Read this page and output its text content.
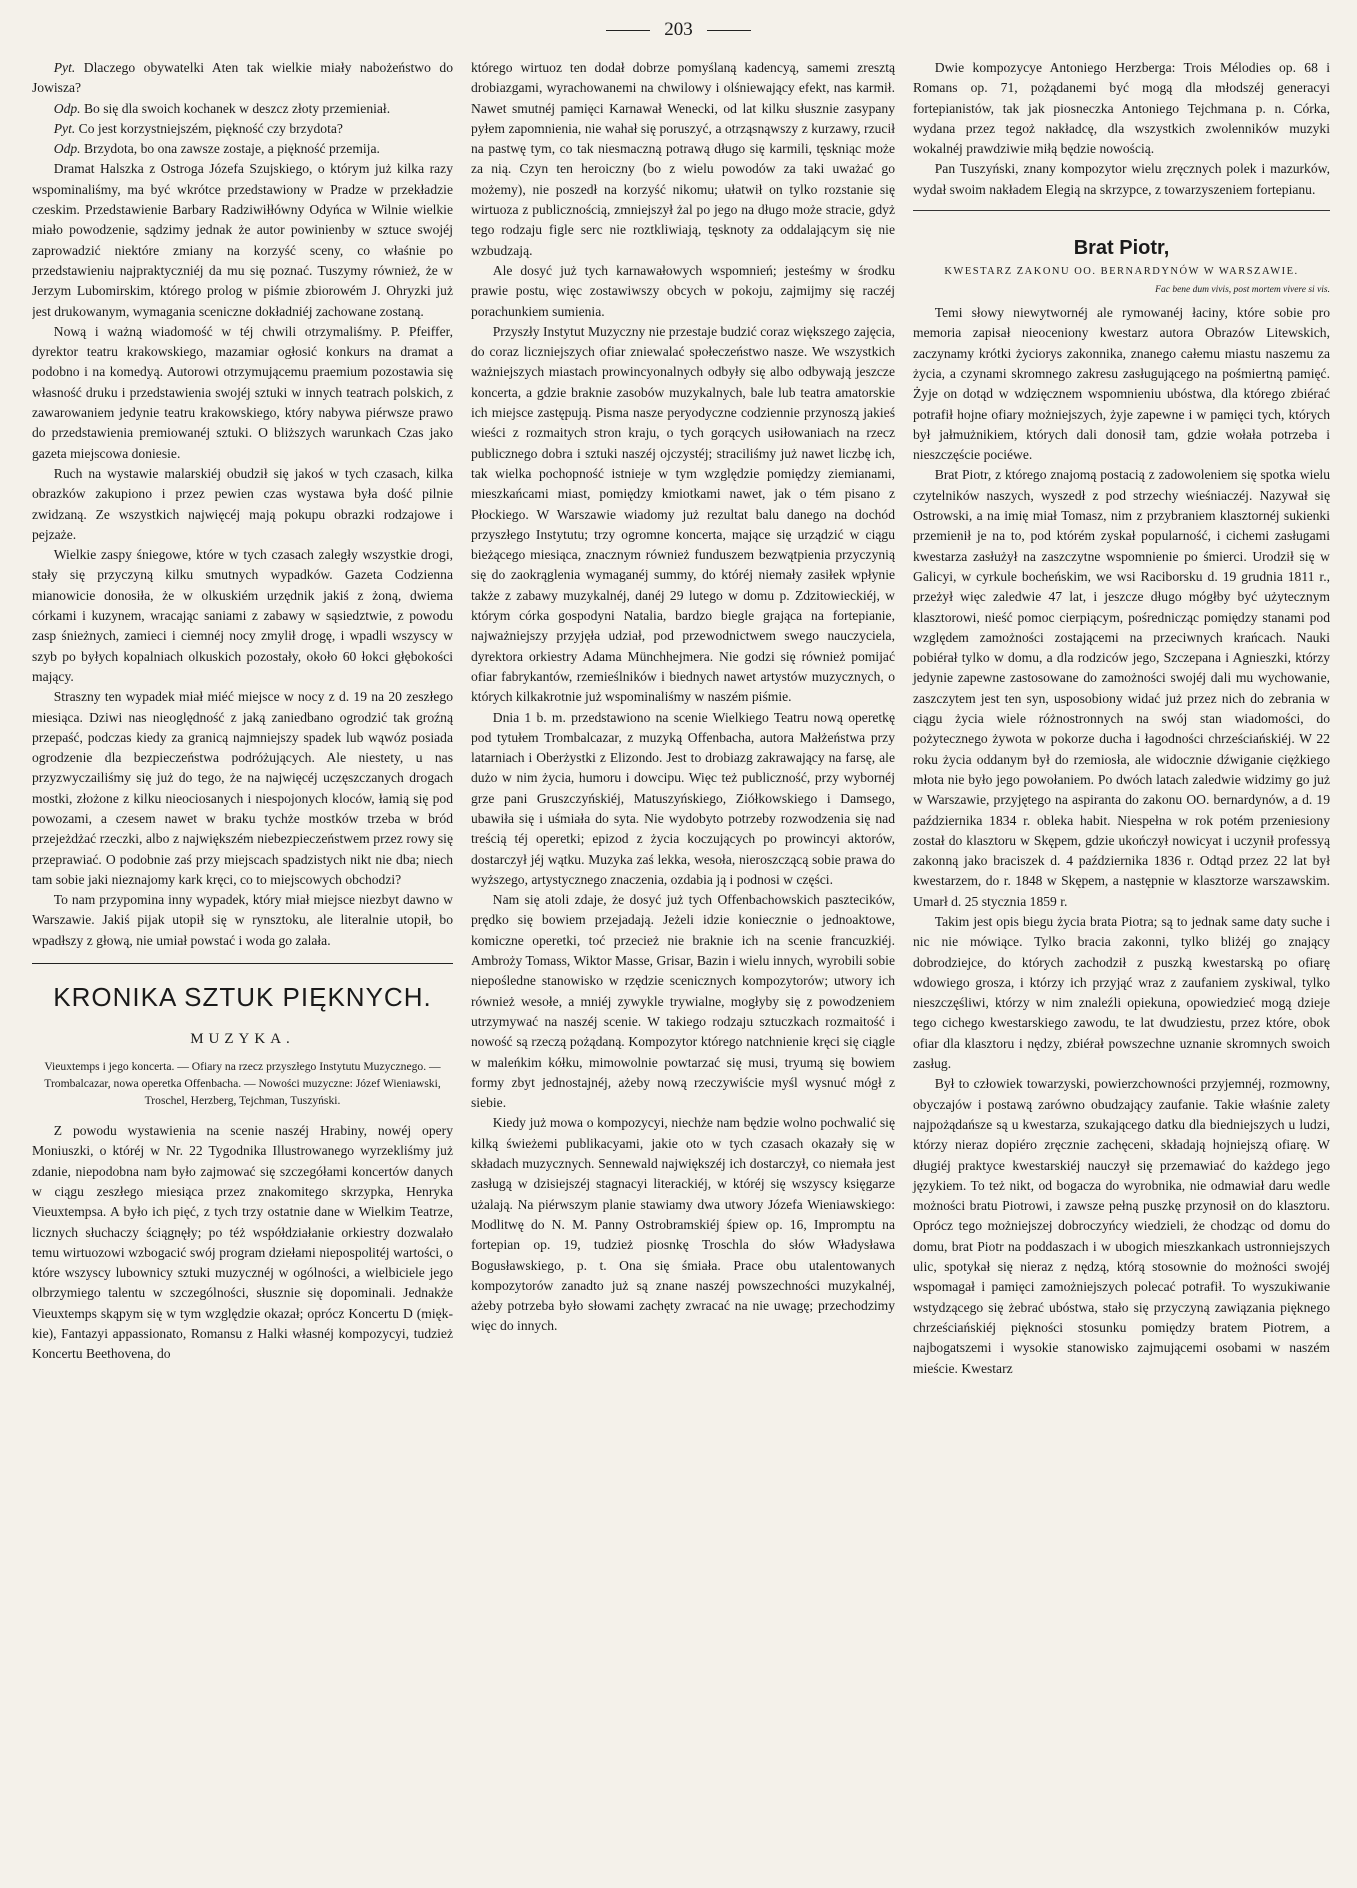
203

Pyt. Dlaczego obywatelki Aten tak wielkie miały nabożeństwo do Jowisza?

Odp. Bo się dla swoich kochanek w deszcz złoty przemieniał.

Pyt. Co jest korzystniejszém, piękność czy brzydota?

Odp. Brzydota, bo ona zawsze zostaje, a piękność przemija.

Dramat Halszka z Ostroga Józefa Szujskiego, o którym już kilka razy wspominaliśmy, ma być wkrótce przedstawiony w Pradze w przekładzie czeskim. Przedstawienie Barbary Radziwiłłówny Odyńca w Wilnie wielkie miało powodzenie, sądzimy jednak że autor powinienby w sztuce swojéj zaprowadzić niektóre zmiany na korzyść sceny, co właśnie po przedstawieniu najpraktyczniéj da mu się poznać. Tuszymy również, że w Jerzym Lubomirskim, którego prolog w piśmie zbiorowém J. Ohryzki już jest drukowanym, wymagania sceniczne dokładniéj zachowane zostaną.

Nową i ważną wiadomość w téj chwili otrzymaliśmy. P. Pfeiffer, dyrektor teatru krakowskiego, mazamiar ogłosić konkurs na dramat a podobno i na komedyą. Autorowi otrzymującemu praemium pozostawia się własność druku i przedstawienia swojéj sztuki w innych teatrach polskich, z zawarowaniem jedynie teatru krakowskiego, który nabywa piérwsze prawo do przedstawienia premiowanéj sztuki. O bliższych warunkach Czas jako gazeta miejscowa doniesie.

Ruch na wystawie malarskiéj obudził się jakoś w tych czasach, kilka obrazków zakupiono i przez pewien czas wystawa była dość pilnie zwidzaną. Ze wszystkich najwięcéj mają pokupu obrazki rodzajowe i pejzaże.

Wielkie zaspy śniegowe, które w tych czasach zaległy wszystkie drogi, stały się przyczyną kilku smutnych wypadków. Gazeta Codzienna mianowicie donosiła, że w olkuskiém urzędnik jakiś z żoną, dwiema córkami i kuzynem, wracając saniami z zabawy w sąsiedztwie, z powodu zasp śnieżnych, zamieci i ciemnéj nocy zmylił drogę, i wpadli wszyscy w szyb po byłych kopalniach olkuskich pozostały, około 60 łokci głębokości mający.

Straszny ten wypadek miał miéć miejsce w nocy z d. 19 na 20 zeszłego miesiąca. Dziwi nas nieoględność z jaką zaniedbano ogrodzić tak groźną przepaść, podczas kiedy za granicą najmniejszy spadek lub wąwóz posiada ogrodzenie dla bezpieczeństwa podróżujących. Ale niestety, u nas przyzwyczailiśmy się już do tego, że na najwięcéj uczęszczanych drogach mostki, złożone z kilku nieociosanych i niespojonych kloców, łamią się pod powozami, a czesem nawet w braku tychże mostków trzeba w bród przejeżdżać rzeczki, albo z największém niebezpieczeństwem przez rowy się przeprawiać. O podobnie zaś przy miejscach spadzistych nikt nie dba; niech tam sobie jaki nieznajomy kark kręci, co to miejscowych obchodzi?

To nam przypomina inny wypadek, który miał miejsce niezbyt dawno w Warszawie. Jakiś pijak utopił się w rynsztoku, ale literalnie utopił, bo wpadłszy z głową, nie umiał powstać i woda go zalała.

KRONIKA SZTUK PIĘKNYCH.
MUZYKA.

Vieuxtemps i jego koncerta. — Ofiary na rzecz przyszłego Instytutu Muzycznego. — Trombalcazar, nowa operetka Offenbacha. — Nowości muzyczne: Józef Wieniawski, Troschel, Herzberg, Tejchman, Tuszyński.

Z powodu wystawienia na scenie naszéj Hrabiny, nowéj opery Moniuszki, o któréj w Nr. 22 Tygodnika Illustrowanego wyrzekliśmy już zdanie, niepodobna nam było zajmować się szczegółami koncertów danych w ciągu zeszłego miesiąca przez znakomitego skrzypka, Henryka Vieuxtempsa. A było ich pięć, z tych trzy ostatnie dane w Wielkim Teatrze, licznych słuchaczy ściągnęły; po téż współdziałanie orkiestry dozwalało temu wirtuozowi wzbogacić swój program dziełami niepospolitéj wartości, o które wszyscy lubownicy sztuki muzycznéj w ogólności, a wielbiciele jego olbrzymiego talentu w szczególności, słusznie się dopominali. Jednakże Vieuxtemps skąpym się w tym względzie okazał; oprócz Koncertu D (mięk-kie), Fantazyi appassionato, Romansu z Halki własnéj kompozycyi, tudzież Koncertu Beethovena, do

którego wirtuoz ten dodał dobrze pomyślaną kadencyą, samemi zresztą drobiazgami, wyrachowanemi na chwilowy i olśniewający efekt, nas karmił. Nawet smutnéj pamięci Karnawał Wenecki, od lat kilku słusznie zasypany pyłem zapomnienia, nie wahał się poruszyć, a otrząsnąwszy z kurzawy, rzucił na pastwę tym, co tak niesmaczną potrawą długo się karmili, tęskniąc może za nią. Czyn ten heroiczny (bo z wielu powodów za taki uważać go możemy), nie poszedł na korzyść nikomu; ułatwił on tylko rozstanie się wirtuoza z publicznością, zmniejszył żal po jego na długo może stracie, gdyż tego rodzaju figle serc nie roztkliwiają, tęsknoty za oddalającym się nie wzbudzają.

Ale dosyć już tych karnawałowych wspomnień; jesteśmy w środku prawie postu, więc zostawiwszy obcych w pokoju, zajmijmy się raczéj porachunkiem sumienia.

Przyszły Instytut Muzyczny nie przestaje budzić coraz większego zajęcia, do coraz liczniejszych ofiar zniewalać społeczeństwo nasze. We wszystkich ważniejszych miastach prowincyonalnych odbyły się albo odbywają jeszcze koncerta, a gdzie braknie zasobów muzykalnych, bale lub teatra amatorskie ich miejsce zastępują. Pisma nasze peryodyczne codziennie przynoszą jakieś wieści z rozmaitych stron kraju, o tych gorących usiłowaniach na rzecz publicznego dobra i sztuki naszéj ojczystéj; straciliśmy już nawet liczbę ich, tak wielka pochopność istnieje w tym względzie pomiędzy ziemianami, mieszkańcami miast, pomiędzy kmiotkami nawet, jak o tém pisano z Płockiego. W Warszawie wiadomy już rezultat balu danego na dochód przyszłego Instytutu; trzy ogromne koncerta, mające się urządzić w ciągu bieżącego miesiąca, znacznym również funduszem bezwątpienia przyczynią się do zaokrąglenia wymaganéj summy, do któréj niemały zasiłek wpłynie także z zabawy muzykalnéj, danéj 29 lutego w domu p. Zdzitowieckiéj, w którym córka gospodyni Natalia, bardzo biegle grająca na fortepianie, najważniejszy przyjęła udział, pod przewodnictwem swego nauczyciela, dyrektora orkiestry Adama Münchhejmera. Nie godzi się również pomijać ofiar fabrykantów, rzemieślników i biednych nawet artystów muzycznych, o których kilkakrotnie już wspominaliśmy w naszém piśmie.

Dnia 1 b. m. przedstawiono na scenie Wielkiego Teatru nową operetkę pod tytułem Trombalcazar, z muzyką Offenbacha, autora Małżeństwa przy latarniach i Oberżystki z Elizondo. Jest to drobiazg zakrawający na farsę, ale dużo w nim życia, humoru i dowcipu. Więc też publiczność, przy wybornéj grze pani Gruszczyńskiéj, Matuszyńskiego, Ziółkowskiego i Damsego, ubawiła się i uśmiała do syta. Nie wydobyto potrzeby rozwodzenia się nad treścią téj operetki; epizod z życia koczujących po prowincyi aktorów, dostarczył jéj wątku. Muzyka zaś lekka, wesoła, nieroszczącą sobie prawa do wyższego, artystycznego znaczenia, ozdabia ją i podnosi w części.

Nam się atoli zdaje, że dosyć już tych Offenbachowskich pasztecików, prędko się bowiem przejadają. Jeżeli idzie koniecznie o jednoaktowe, komiczne operetki, toć przecież nie braknie ich na scenie francuzkiéj. Ambroży Tomass, Wiktor Masse, Grisar, Bazin i wielu innych, wyrobili sobie niepośledne stanowisko w rzędzie scenicznych kompozytorów; utwory ich również wesołe, a mniéj zywykle trywialne, mogłyby się z powodzeniem utrzymywać na naszéj scenie. W takiego rodzaju sztuczkach rozmaitość i nowość są rzeczą pożądaną. Kompozytor którego natchnienie kręci się ciągle w maleńkim kółku, mimowolnie powtarzać się musi, tryumą się bowiem formy zbyt jednostajnéj, ażeby nową rzeczywiście myśl wysnuć mógł z siebie.

Kiedy już mowa o kompozycyi, niechże nam będzie wolno pochwalić się kilką świeżemi publikacyami, jakie oto w tych czasach okazały się w składach muzycznych. Sennewald największéj ich dostarczył, co niemała jest zasługą w dzisiejszéj stagnacyi literackiéj, w któréj się wszyscy księgarze użalają. Na piérwszym planie stawiamy dwa utwory Józefa Wieniawskiego: Modlitwę do N. M. Panny Ostrobramskiéj śpiew op. 16, Impromptu na fortepian op. 19, tudzież piosnkę Troschla do słów Władysława Bogusławskiego, p. t. Ona się śmiała. Prace obu utalentowanych kompozytorów zanadto już są znane naszéj powszechności muzykalnéj, ażeby potrzeba było słowami zachęty zwracać na nie uwagę; przechodzimy więc do innych.

Dwie kompozycye Antoniego Herzberga: Trois Mélodies op. 68 i Romans op. 71, pożądanemi być mogą dla młodszéj generacyi fortepianistów, tak jak piosneczka Antoniego Tejchmana p. n. Córka, wydana przez tegoż nakładcę, dla wszystkich zwolenników muzyki wokalnéj prawdziwie miłą będzie nowością.

Pan Tuszyński, znany kompozytor wielu zręcznych polek i mazurków, wydał swoim nakładem Elegią na skrzypce, z towarzyszeniem fortepianu.

Brat Piotr,
KWESTARZ ZAKONU OO. BERNARDYNÓW W WARSZAWIE.
Fac bene dum vivis, post mortem vivere si vis.

Temi słowy niewytwornéj ale rymowanéj łaciny, które sobie pro memoria zapisał nieoceniony kwestarz autora Obrazów Litewskich, zaczynamy krótki życiorys zakonnika, znanego całemu miastu naszemu za życia, a czynami skromnego zakresu zasługującego na pośmiertną pamięć. Żyje on dotąd w wdzięcznem wspomnieniu ubóstwa, dla którego zbiérać potrafił hojne ofiary możniejszych, żyje zapewne i w pamięci tych, których był jałmużnikiem, których dali donosił tam, gdzie wołała potrzeba i nieszczęście pociéwe.

Brat Piotr, z którego znajomą postacią z zadowoleniem się spotka wielu czytelników naszych, wyszedł z pod strzechy wieśniaczéj. Nazywał się Ostrowski, a na imię miał Tomasz, nim z przybraniem klasztornéj sukienki przemienił je na to, pod którém zyskał popularność, i cichemi zasługami kwestarza zasłużył na zaszczytne wspomnienie po śmierci. Urodził się w Galicyi, w cyrkule bocheńskim, we wsi Raciborsku d. 19 grudnia 1811 r., przeżył więc zaledwie 47 lat, i jeszcze długo mógłby być użytecznym klasztorowi, nieść pomoc cierpiącym, pośrednicząc pomiędzy stanami pod względem zamożności zostającemi na przeciwnych krańcach. Nauki pobiérał tylko w domu, a dla rodziców jego, Szczepana i Agnieszki, którzy jedynie zapewne zastosowane do zamożności swojéj dali mu wychowanie, zaszczytem jest ten syn, usposobiony widać już przez nich do zebrania w ciągu życia wiele różnostronnych na swój stan wiadomości, do pożytecznego żywota w pokorze ducha i łagodności chrześciańskiéj. W 22 roku życia oddanym był do rzemiosła, ale widocznie dźwiganie ciężkiego młota nie było jego powołaniem. Po dwóch latach zaledwie widzimy go już w Warszawie, przyjętego na aspiranta do zakonu OO. bernardynów, a d. 19 października 1834 r. obleka habit. Niespełna w rok potém przeniesiony został do klasztoru w Skępem, gdzie ukończył nowicyat i uczynił professyą zakonną jako braciszek d. 4 października 1836 r. Odtąd przez 22 lat był kwestarzem, do r. 1848 w Skępem, a następnie w klasztorze warszawskim. Umarł d. 25 stycznia 1859 r.

Takim jest opis biegu życia brata Piotra; są to jednak same daty suche i nic nie mówiące. Tylko bracia zakonni, tylko bliżéj go znający dobrodziejce, do których zachodził z puszką kwestarską po ofiarę wdowiego grosza, i którzy ich przyjąć wraz z zaufaniem zyskiwal, tylko nieszczęśliwi, którzy w nim znaleźli opiekuna, opowiedzieć mogą dzieje tego cichego kwestarskiego zawodu, te lat dwudziestu, przez które, obok ofiar dla klasztoru i nędzy, zbiérał powszechne uznanie skromnych swoich zasług.

Był to człowiek towarzyski, powierzchowności przyjemnéj, rozmowny, obyczajów i postawą zarówno obudzający zaufanie. Takie właśnie zalety najpożądańsze są u kwestarza, szukającego datku dla biedniejszych u ludzi, którzy nieraz dopiéro zręcznie zachęceni, składają hojniejszą ofiarę. W długiéj praktyce kwestarskiéj nauczył się przemawiać do każdego jego językiem. To też nikt, od bogacza do wyrobnika, nie odmawiał daru wedle możności bratu Piotrowi, i zawsze pełną puszkę przynosił on do klasztoru. Oprócz tego możniejszej dobroczyńcy wiedzieli, że chodząc od domu do domu, brat Piotr na poddaszach i w ubogich mieszkankach ustronniejszych ulic, spotykał się nieraz z nędzą, którą stosownie do możności swojéj wspomagał i pamięci zamożniejszych polecać potrafił. To wyszukiwanie wstydzącego się żebrać ubóstwa, stało się przyczyną zawiązania pięknego chrześciańskiéj piękności stosunku pomiędzy bratem Piotrem, a najbogatszemi i wysokie stanowisko zajmującemi osobami w naszém mieście. Kwestarz
